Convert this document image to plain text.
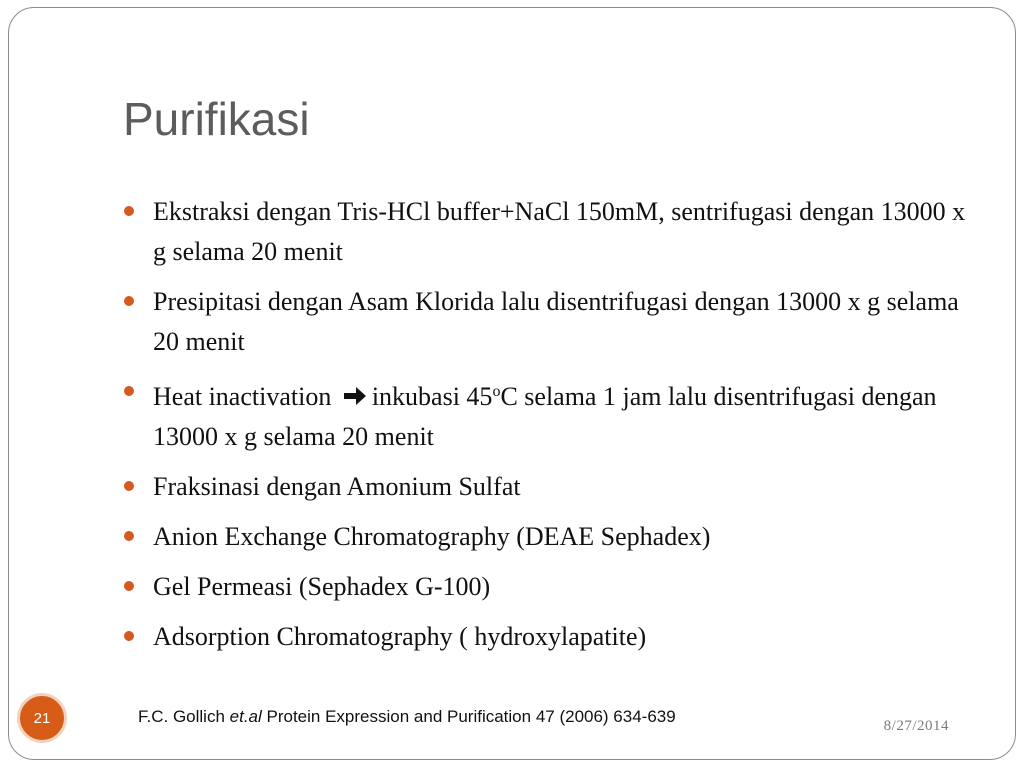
Purifikasi
Ekstraksi dengan Tris-HCl buffer+NaCl 150mM, sentrifugasi dengan 13000 x g selama 20 menit
Presipitasi dengan Asam Klorida lalu disentrifugasi dengan 13000 x g selama 20 menit
Heat inactivation inkubasi 45$^o$C selama 1 jam lalu disentrifugasi dengan 13000 x g selama 20 menit
Fraksinasi dengan Amonium Sulfat
Anion Exchange Chromatography (DEAE Sephadex)
Gel Permeasi (Sephadex G-100)
Adsorption Chromatography ( hydroxylapatite)
8/27/2014
21	F.C. Gollich et.al Protein Expression and Purification 47 (2006) 634-639
